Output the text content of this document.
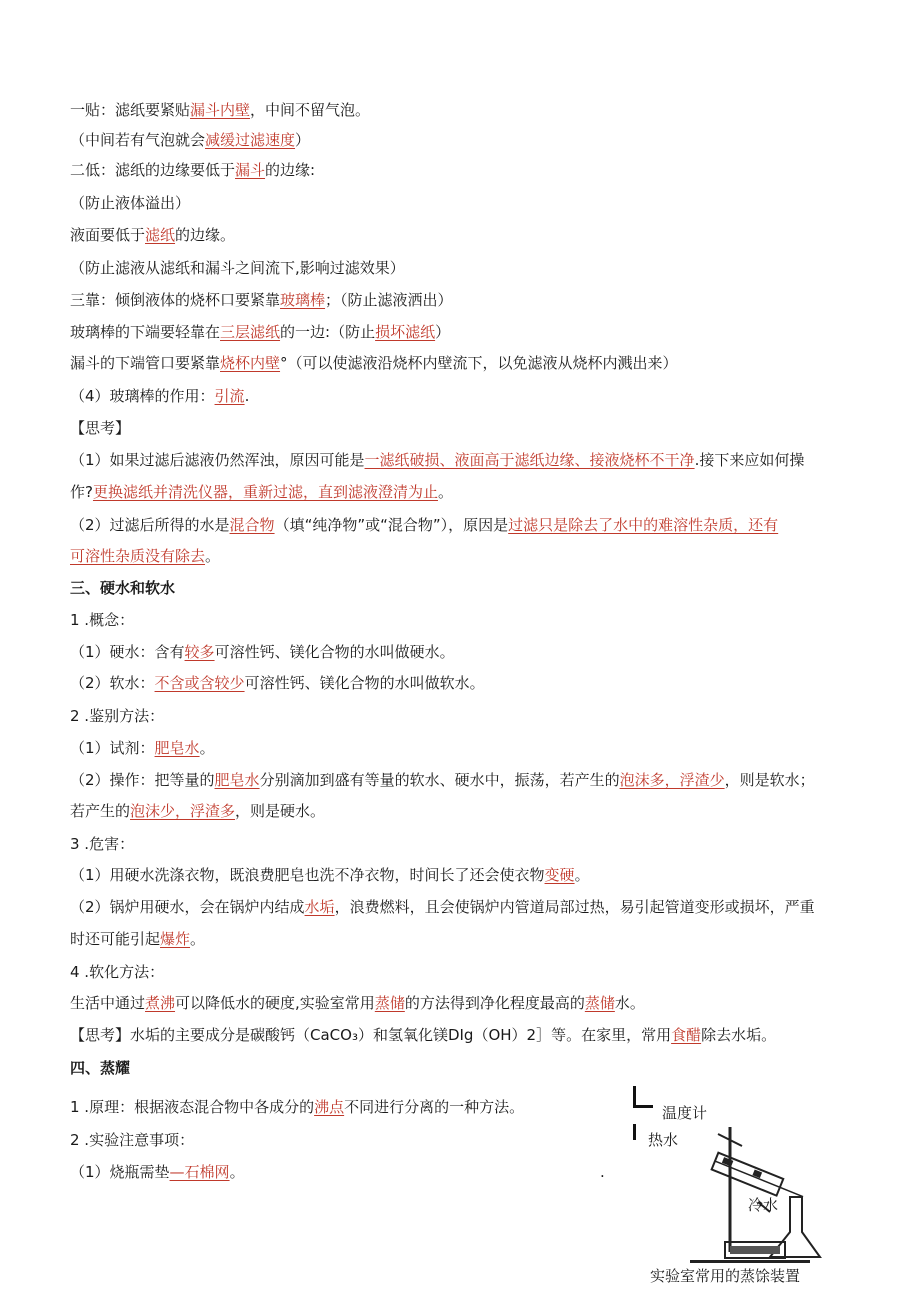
一贴：滤纸要紧贴漏斗内壁，中间不留气泡。
（中间若有气泡就会减缓过滤速度）
二低：滤纸的边缘要低于漏斗的边缘:
（防止液体溢出）
液面要低于滤纸的边缘。
（防止滤液从滤纸和漏斗之间流下,影响过滤效果）
三靠：倾倒液体的烧杯口要紧靠玻璃棒；（防止滤液洒出）
玻璃棒的下端要轻靠在三层滤纸的一边:（防止损坏滤纸）
漏斗的下端管口要紧靠烧杯内壁°（可以使滤液沿烧杯内壁流下，以免滤液从烧杯内溅出来）
（4）玻璃棒的作用：引流.
【思考】
（1）如果过滤后滤液仍然浑浊，原因可能是一滤纸破损、液面高于滤纸边缘、接液烧杯不干净.接下来应如何操
作?更换滤纸并清洗仪器，重新过滤，直到滤液澄清为止。
（2）过滤后所得的水是混合物（填“纯净物”或“混合物”），原因是过滤只是除去了水中的难溶性杂质，还有
可溶性杂质没有除去。
三、硬水和软水
1 .概念：
（1）硬水：含有较多可溶性钙、镁化合物的水叫做硬水。
（2）软水：不含或含较少可溶性钙、镁化合物的水叫做软水。
2 .鉴别方法：
（1）试剂：肥皂水。
（2）操作：把等量的肥皂水分别滴加到盛有等量的软水、硬水中，振荡，若产生的泡沫多，浮渣少，则是软水；
若产生的泡沫少，浮渣多，则是硬水。
3 .危害：
（1）用硬水洗涤衣物，既浪费肥皂也洗不净衣物，时间长了还会使衣物变硬。
（2）锅炉用硬水，会在锅炉内结成水垢，浪费燃料，且会使锅炉内管道局部过热，易引起管道变形或损坏，严重
时还可能引起爆炸。
4 .软化方法：
生活中通过煮沸可以降低水的硬度,实验室常用蒸储的方法得到净化程度最高的蒸储水。
【思考】水垢的主要成分是碳酸钙（CaCO₃）和氢氧化镁DIg（OH）2］等。在家里，常用食醋除去水垢。
四、蒸耀
1 .原理：根据液态混合物中各成分的沸点不同进行分离的一种方法。
2 .实验注意事项：
（1）烧瓶需垫—石棉网。	.
温度计
热水
冷水
实验室常用的蒸馀装置
